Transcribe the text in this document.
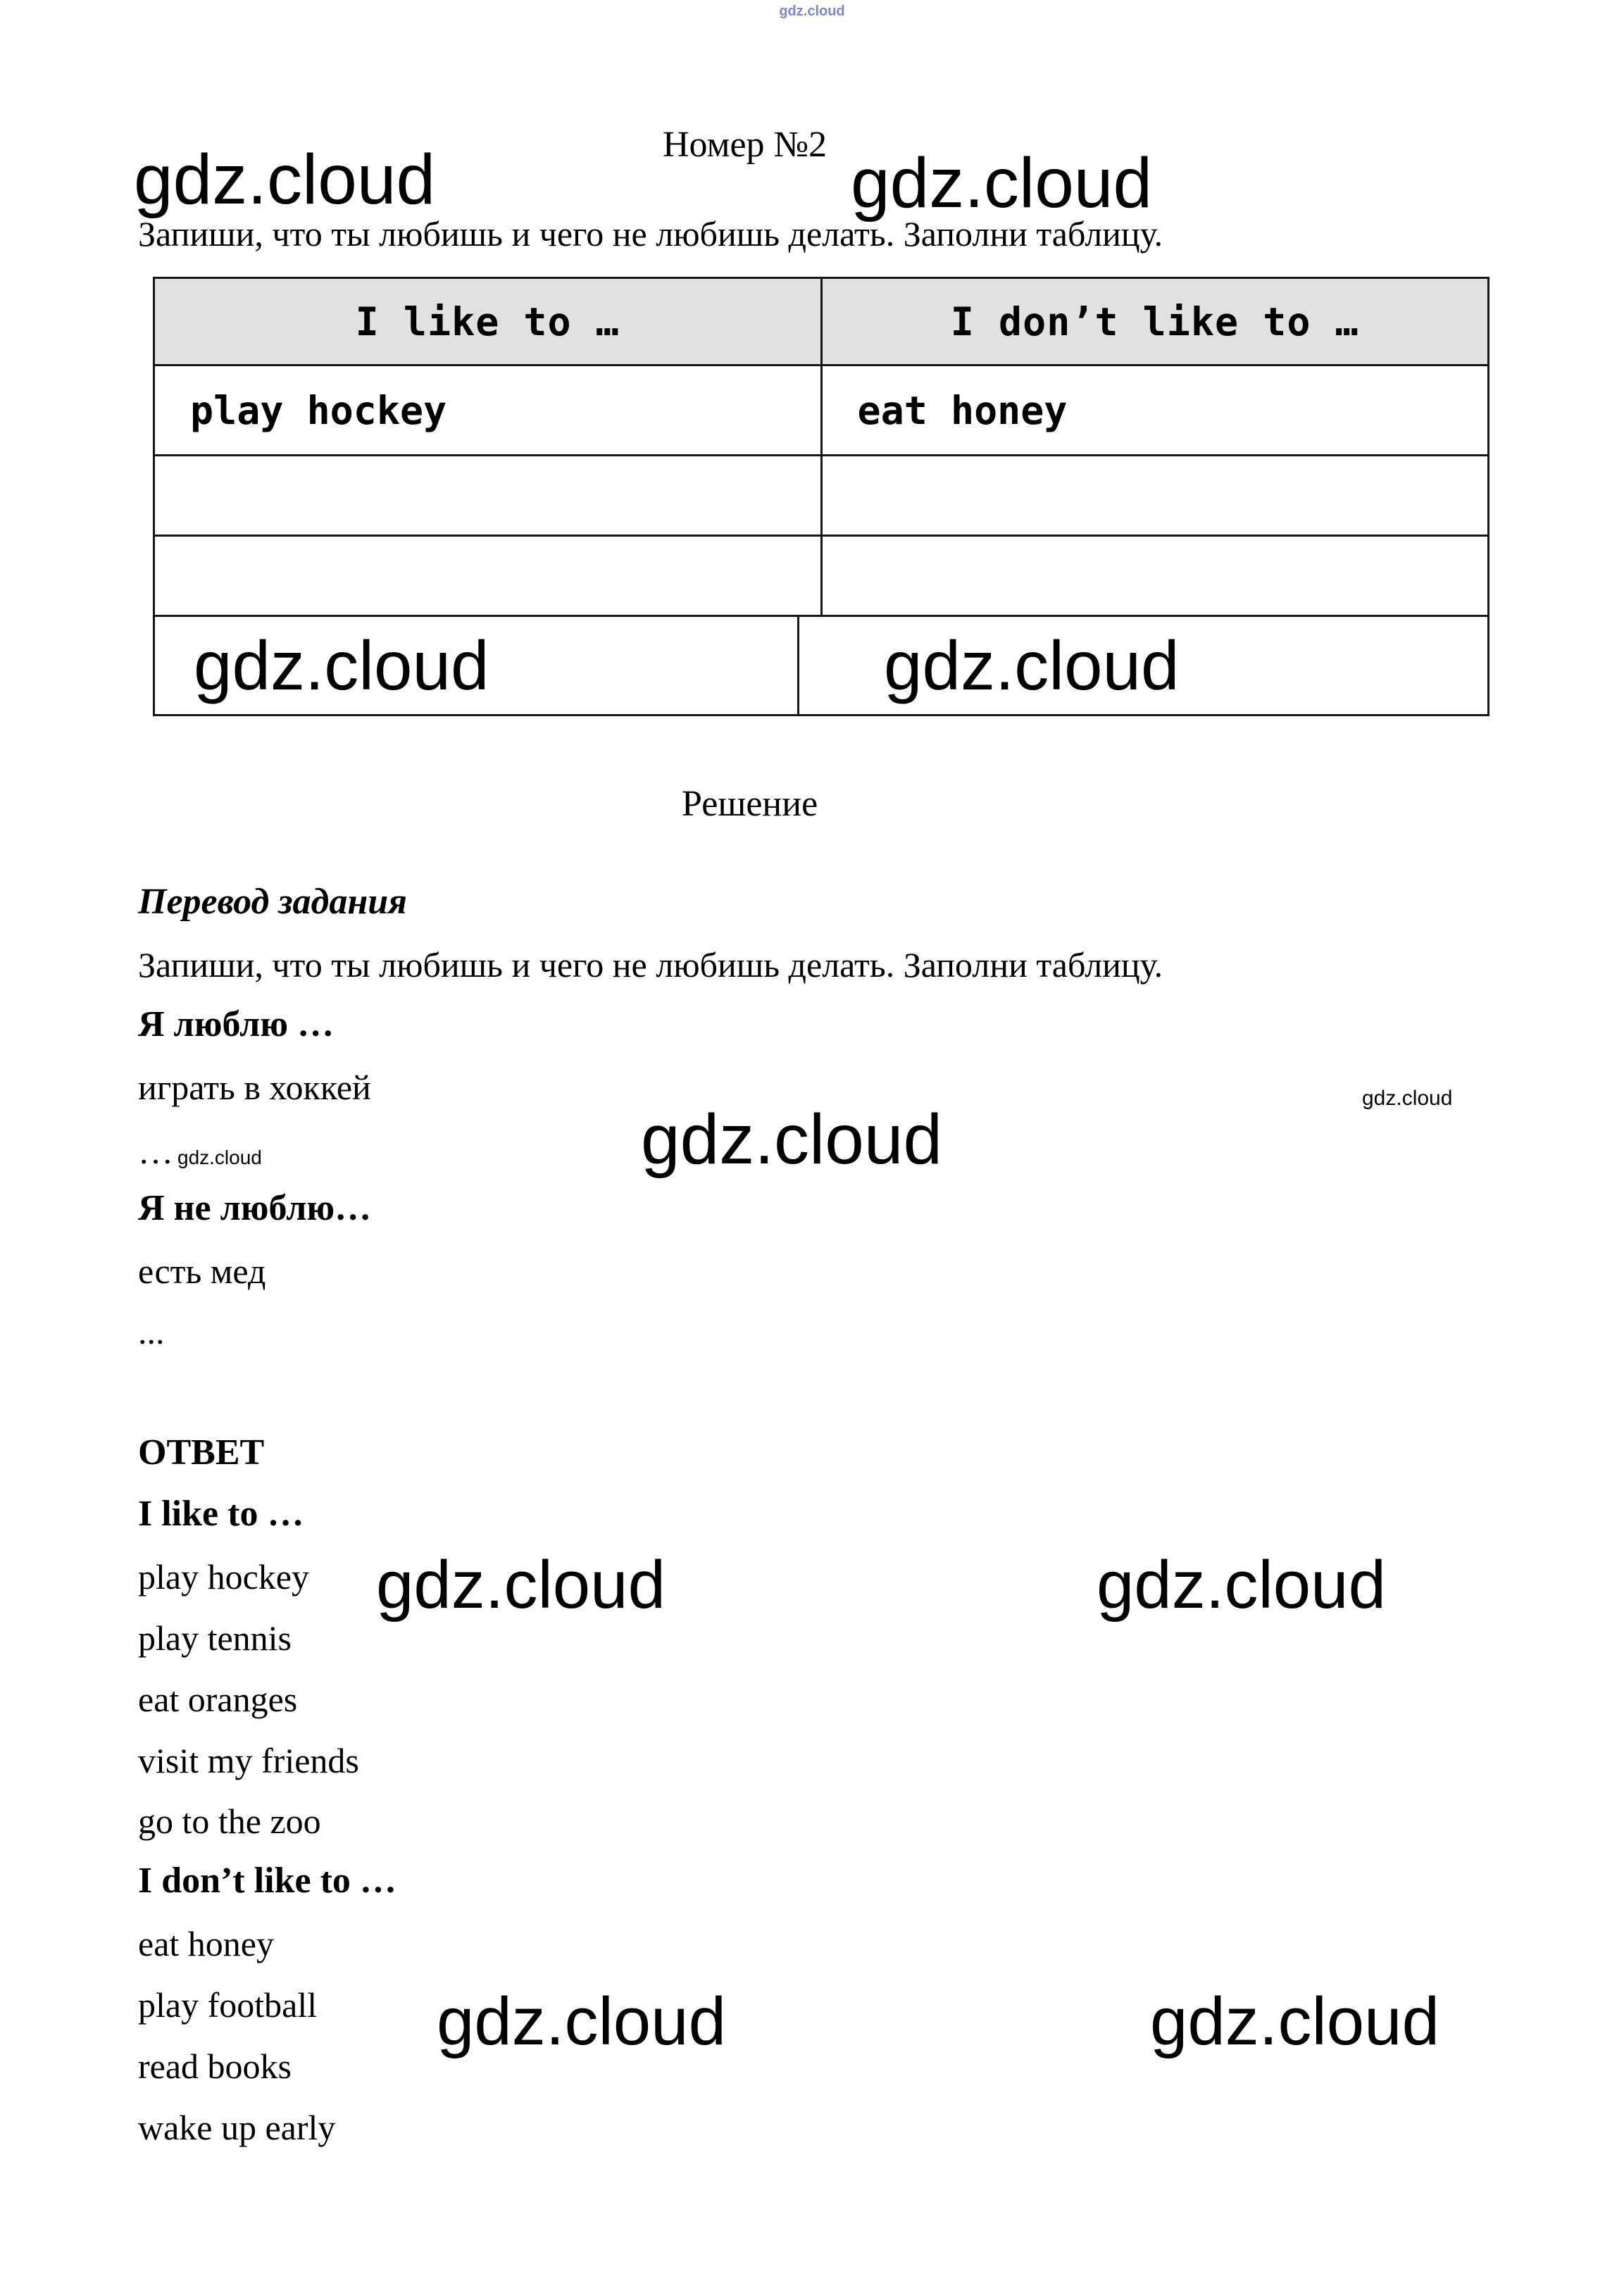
gdz.cloud
Номер №2
gdz.cloud	gdz.cloud
Запиши, что ты любишь и чего не любишь делать. Заполни таблицу.
I like to …	I don’t like to …
play hockey	eat honey
gdz.cloud	gdz.cloud
Решение
Перевод задания
Запиши, что ты любишь и чего не любишь делать. Заполни таблицу.
Я люблю …
играть в хоккей
… gdz.cloud	gdz.cloud
gdz.cloud
Я не люблю…
есть мед
...
ОТВЕТ
I like to …
play hockey
play tennis
eat oranges
visit my friends
go to the zoo
I don’t like to …
eat honey
play football
read books
wake up early
gdz.cloud	gdz.cloud
gdz.cloud	gdz.cloud
